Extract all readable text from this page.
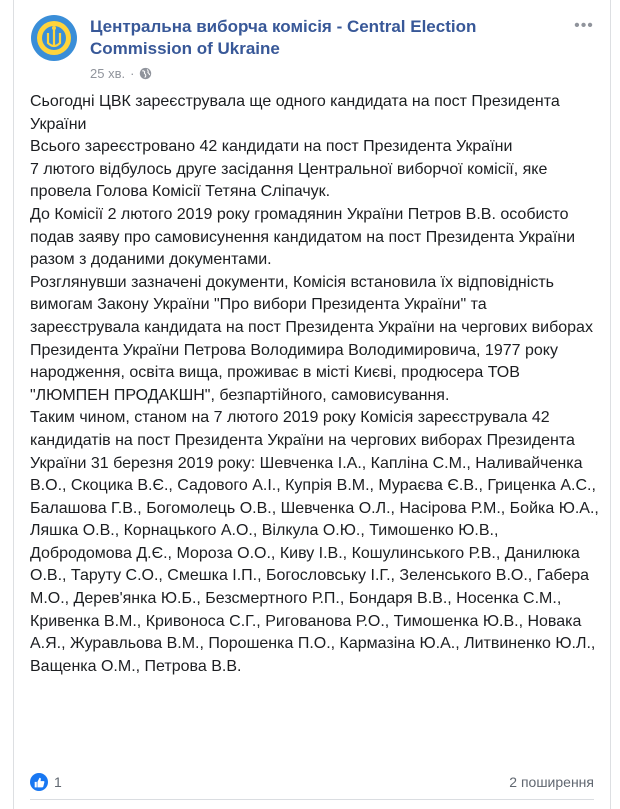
Центральна виборча комісія - Central Election Commission of Ukraine
25 хв. ·
•••

Сьогодні ЦВК зареєструвала ще одного кандидата на пост Президента України

Всього зареєстровано 42 кандидати на пост Президента України

7 лютого відбулось друге засідання Центральної виборчої комісії, яке провела Голова Комісії Тетяна Сліпачук.

До Комісії 2 лютого 2019 року громадянин України Петров В.В. особисто подав заяву про самовисунення кандидатом на пост Президента України разом з доданими документами.

Розглянувши зазначені документи, Комісія встановила їх відповідність вимогам Закону України "Про вибори Президента України" та зареєструвала кандидата на пост Президента України на чергових виборах Президента України Петрова Володимира Володимировича, 1977 року народження, освіта вища, проживає в місті Києві, продюсера ТОВ "ЛЮМПЕН ПРОДАКШН", безпартійного, самовисування.

Таким чином, станом на 7 лютого 2019 року Комісія зареєструвала 42 кандидатів на пост Президента України на чергових виборах Президента України 31 березня 2019 року: Шевченка І.А., Капліна С.М., Наливайченка В.О., Скоцика В.Є., Садового А.І., Купрія В.М., Мураєва Є.В., Гриценка А.С., Балашова Г.В., Богомолець О.В., Шевченка О.Л., Насірова Р.М., Бойка Ю.А., Ляшка О.В., Корнацького А.О., Вілкула О.Ю., Тимошенко Ю.В., Добродомова Д.Є., Мороза О.О., Киву І.В., Кошулинського Р.В., Данилюка О.В., Таруту С.О., Смешка І.П., Богословську І.Г., Зеленського В.О., Габера М.О., Дерев'янка Ю.Б., Безсмертного Р.П., Бондаря В.В., Носенка С.М., Кривенка В.М., Кривоноса С.Г., Ригованова Р.О., Тимошенка Ю.В., Новака А.Я., Журавльова В.М., Порошенка П.О., Кармазіна Ю.А., Литвиненко Ю.Л., Ващенка О.М., Петрова В.В.

1	2 поширення
